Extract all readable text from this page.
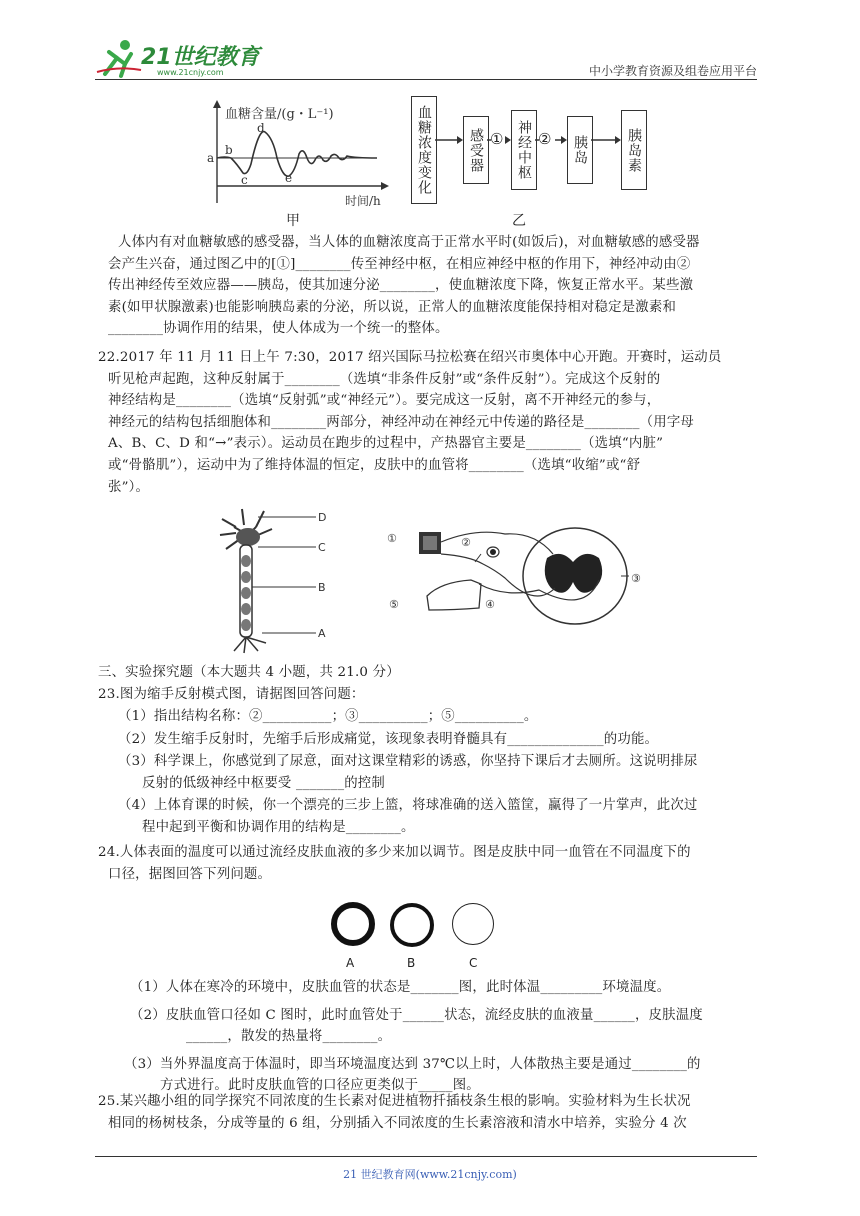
21世纪教育
www.21cnjy.com	中小学教育资源及组卷应用平台
血糖含量/(g・L⁻¹)
a
b
c
d
e
时间/h
甲
血糖浓度变化	感受器 神经中枢	胰岛	胰岛素
① ②
乙
人体内有对血糖敏感的感受器，当人体的血糖浓度高于正常水平时(如饭后)，对血糖敏感的感受器
会产生兴奋，通过图乙中的[①]________传至神经中枢，在相应神经中枢的作用下，神经冲动由②
传出神经传至效应器——胰岛，使其加速分泌________，使血糖浓度下降，恢复正常水平。某些激
素(如甲状腺激素)也能影响胰岛素的分泌，所以说，正常人的血糖浓度能保持相对稳定是激素和
________协调作用的结果，使人体成为一个统一的整体。
22.2017 年 11 月 11 日上午 7:30，2017 绍兴国际马拉松赛在绍兴市奥体中心开跑。开赛时，运动员
听见枪声起跑，这种反射属于________（选填“非条件反射”或“条件反射”）。完成这个反射的
神经结构是________（选填“反射弧”或“神经元”）。要完成这一反射，离不开神经元的参与，
神经元的结构包括细胞体和________两部分，神经冲动在神经元中传递的路径是________（用字母
A、B、C、D 和“→”表示）。运动员在跑步的过程中，产热器官主要是________（选填“内脏”
或“骨骼肌”），运动中为了维持体温的恒定，皮肤中的血管将________（选填“收缩”或“舒
张”）。
D
C
B
A
①	②
③
④
⑤
三、实验探究题（本大题共 4 小题，共 21.0 分）
23.图为缩手反射模式图，请据图回答问题：
（1）指出结构名称：②__________；③__________；⑤__________。
（2）发生缩手反射时，先缩手后形成痛觉，该现象表明脊髓具有______________的功能。
（3）科学课上，你感觉到了尿意，面对这课堂精彩的诱惑，你坚持下课后才去厕所。这说明排尿
反射的低级神经中枢要受 _______的控制
（4）上体育课的时候，你一个漂亮的三步上篮，将球准确的送入篮筐，赢得了一片掌声，此次过
程中起到平衡和协调作用的结构是________。
24.人体表面的温度可以通过流经皮肤血液的多少来加以调节。图是皮肤中同一血管在不同温度下的
口径，据图回答下列问题。
A	B	C
（1）人体在寒冷的环境中，皮肤血管的状态是_______图，此时体温_________环境温度。
（2）皮肤血管口径如 C 图时，此时血管处于______状态，流经皮肤的血液量______，皮肤温度
______，散发的热量将________。
（3）当外界温度高于体温时，即当环境温度达到 37℃以上时，人体散热主要是通过________的
方式进行。此时皮肤血管的口径应更类似于_____图。
25.某兴趣小组的同学探究不同浓度的生长素对促进植物扦插枝条生根的影响。实验材料为生长状况
相同的杨树枝条，分成等量的 6 组，分别插入不同浓度的生长素溶液和清水中培养，实验分 4 次
21 世纪教育网(www.21cnjy.com)
